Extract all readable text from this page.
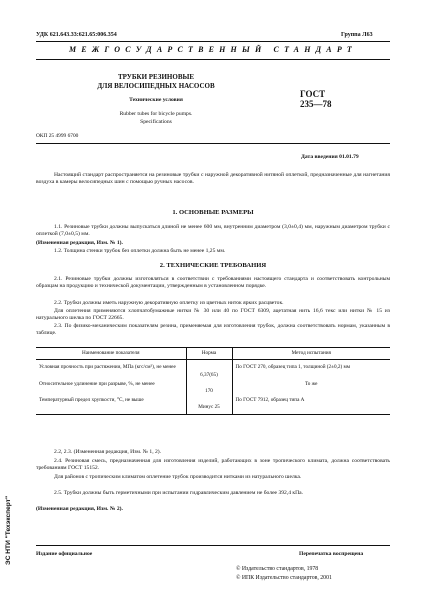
УДК 621.643.33:621.65:006.354	Группа Л63
МЕЖГОСУДАРСТВЕННЫЙ СТАНДАРТ
ТРУБКИ РЕЗИНОВЫЕ
ДЛЯ ВЕЛОСИПЕДНЫХ НАСОСОВ
Технические условия
Rubber tubes for bicycle pumps.
Specifications
ГОСТ
235—78
ОКП 25 4999 6700
Дата введения 01.01.79
Настоящий стандарт распространяется на резиновые трубки с наружной декоративной нитяной оплеткой, предназначенные для нагнетания воздуха в камеры велосипедных шин с помощью ручных насосов.
1. ОСНОВНЫЕ РАЗМЕРЫ
1.1. Резиновые трубки должны выпускаться длиной не менее 600 мм, внутренним диаметром (3,0±0,4) мм, наружным диаметром трубки с оплеткой (7,0±0,5) мм.
(Измененная редакция, Изм. № 1).
1.2. Толщина стенки трубок без оплетки должна быть не менее 1,25 мм.
2. ТЕХНИЧЕСКИЕ ТРЕБОВАНИЯ
2.1. Резиновые трубки должны изготовляться в соответствии с требованиями настоящего стандарта и соответствовать контрольным образцам на продукцию и технической документации, утвержденным в установленном порядке.
2.2. Трубки должны иметь наружную декоративную оплетку из цветных ниток ярких расцветок.
Для оплетения применяются хлопчатобумажные нитки № 30 или 40 по ГОСТ 6309, ацетатная нить 16,6 текс или нитки № 15 из натурального шелка по ГОСТ 22665.
2.3. По физико-механическим показателям резина, применяемая для изготовления трубок, должна соответствовать нормам, указанным в таблице.
Наименование показателя	Норма	Метод испытания
Условная прочность при растяжении, МПа (кгс/см²), не менее	6,37(65)	По ГОСТ 270, образец типа 1, толщиной (2±0,2) мм
Относительное удлинение при разрыве, %, не менее	170	То же
Температурный предел хрупкости, °С, не выше	Минус 25	По ГОСТ 7912, образец типа А
2.2, 2.3. (Измененная редакция, Изм. № 1, 2).
2.4. Резиновая смесь, предназначенная для изготовления изделий, работающих в зоне тропического климата, должна соответствовать требованиям ГОСТ 15152.
Для районов с тропическим климатом оплетение трубок производится нитками из натурального шелка.
2.5. Трубки должны быть герметичными при испытании гидравлическим давлением не более 392,4 кПа.
(Измененная редакция, Изм. № 2).
Издание официальное	Перепечатка воспрещена
© Издательство стандартов, 1978
© ИПК Издательство стандартов, 2001
ЭС НТИ "Техэксперт"
